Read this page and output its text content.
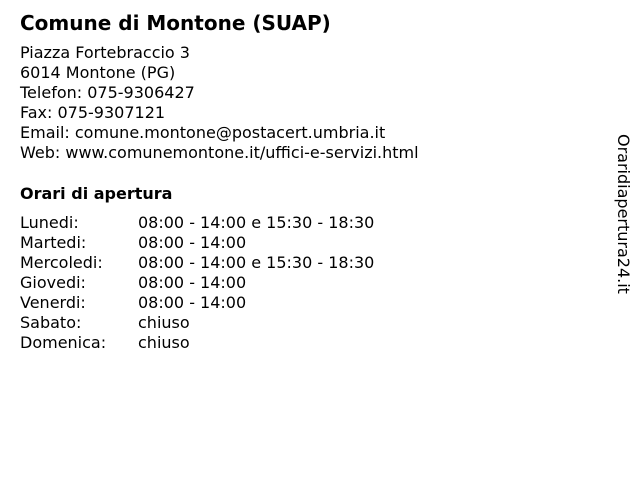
Comune di Montone (SUAP)
Piazza Fortebraccio 3
6014 Montone (PG)
Telefon: 075-9306427
Fax: 075-9307121
Email: comune.montone@postacert.umbria.it
Web: www.comunemontone.it/uffici-e-servizi.html
Orari di apertura
Lunedi:	08:00 - 14:00 e 15:30 - 18:30
Martedi:	08:00 - 14:00
Mercoledi:	08:00 - 14:00 e 15:30 - 18:30
Giovedi:	08:00 - 14:00
Venerdi:	08:00 - 14:00
Sabato:	chiuso
Domenica:	chiuso
Oraridiapertura24.it
